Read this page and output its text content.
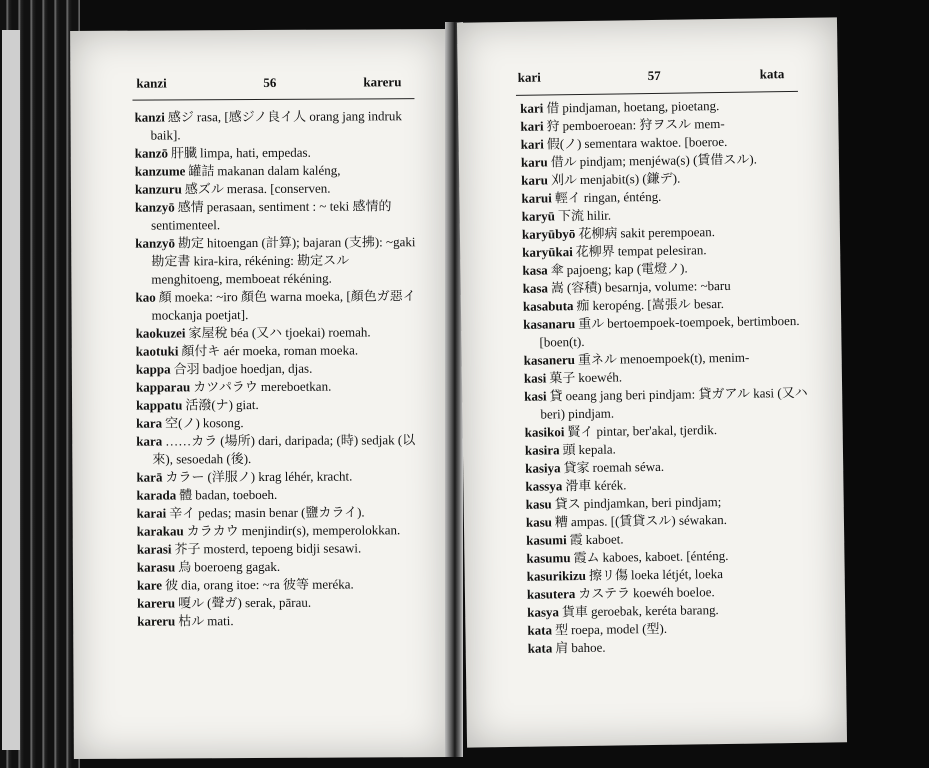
kanzi	56	kareru

kanzi 感ジ rasa, [感ジノ良イ人 orang jang indruk baik].

kanzō 肝臓 limpa, hati, empedas.

kanzume 罐詰 makanan dalam kaléng,

kanzuru 感ズル merasa. [conserven.

kanzyō 感情 perasaan, sentiment : ~ teki 感情的 sentimenteel.

kanzyō 勘定 hitoengan (計算); bajaran (支拂): ~gaki 勘定書 kira-kira, rékéning: 勘定スル menghitoeng, memboeat rékéning.

kao 顏 moeka: ~iro 顏色 warna moeka, [顏色ガ惡イ mockanja poetjat].

kaokuzei 家屋稅 béa (又ハ tjoekai) roemah.

kaotuki 顏付キ aér moeka, roman moeka.

kappa 合羽 badjoe hoedjan, djas.

kapparau カツパラウ mereboetkan.

kappatu 活潑(ナ) giat.

kara 空(ノ) kosong.

kara ……カラ (場所) dari, daripada; (時) sedjak (以來), sesoedah (後).

karā カラー (洋服ノ) krag léhér, kracht.

karada 體 badan, toeboeh.

karai 辛イ pedas; masin benar (鹽カライ).

karakau カラカウ menjindir(s), memperolokkan.

karasi 芥子 mosterd, tepoeng bidji sesawi.

karasu 烏 boeroeng gagak.

kare 彼 dia, orang itoe: ~ra 彼等 meréka.

kareru 嗄ル (聲ガ) serak, pārau.

kareru 枯ル mati.

kari	57	kata

kari 借 pindjaman, hoetang, pioetang.

kari 狩 pemboeroean: 狩ヲスル mem-

kari 假(ノ) sementara waktoe. [boeroe.

karu 借ル pindjam; menjéwa(s) (賃借スル).

karu 刈ル menjabit(s) (鎌デ).

karui 輕イ ringan, énténg.

karyū 下流 hilir.

karyūbyō 花柳病 sakit perempoean.

karyūkai 花柳界 tempat pelesiran.

kasa 傘 pajoeng; kap (電燈ノ).

kasa 嵩 (容積) besarnja, volume: ~baru

kasabuta 痂 keropéng. [嵩張ル besar.

kasanaru 重ル bertoempoek-toempoek, bertimboen. [boen(t).

kasaneru 重ネル menoempoek(t), menim-

kasi 菓子 koewéh.

kasi 貸 oeang jang beri pindjam: 貸ガアル kasi (又ハ beri) pindjam.

kasikoi 賢イ pintar, ber'akal, tjerdik.

kasira 頭 kepala.

kasiya 貸家 roemah séwa.

kassya 滑車 kérék.

kasu 貸ス pindjamkan, beri pindjam;

kasu 糟 ampas. [(賃貸スル) séwakan.

kasumi 霞 kaboet.

kasumu 霞ム kaboes, kaboet. [énténg.

kasurikizu 擦リ傷 loeka létjét, loeka

kasutera カステラ koewéh boeloe.

kasya 貨車 geroebak, keréta barang.

kata 型 roepa, model (型).

kata 肩 bahoe.
